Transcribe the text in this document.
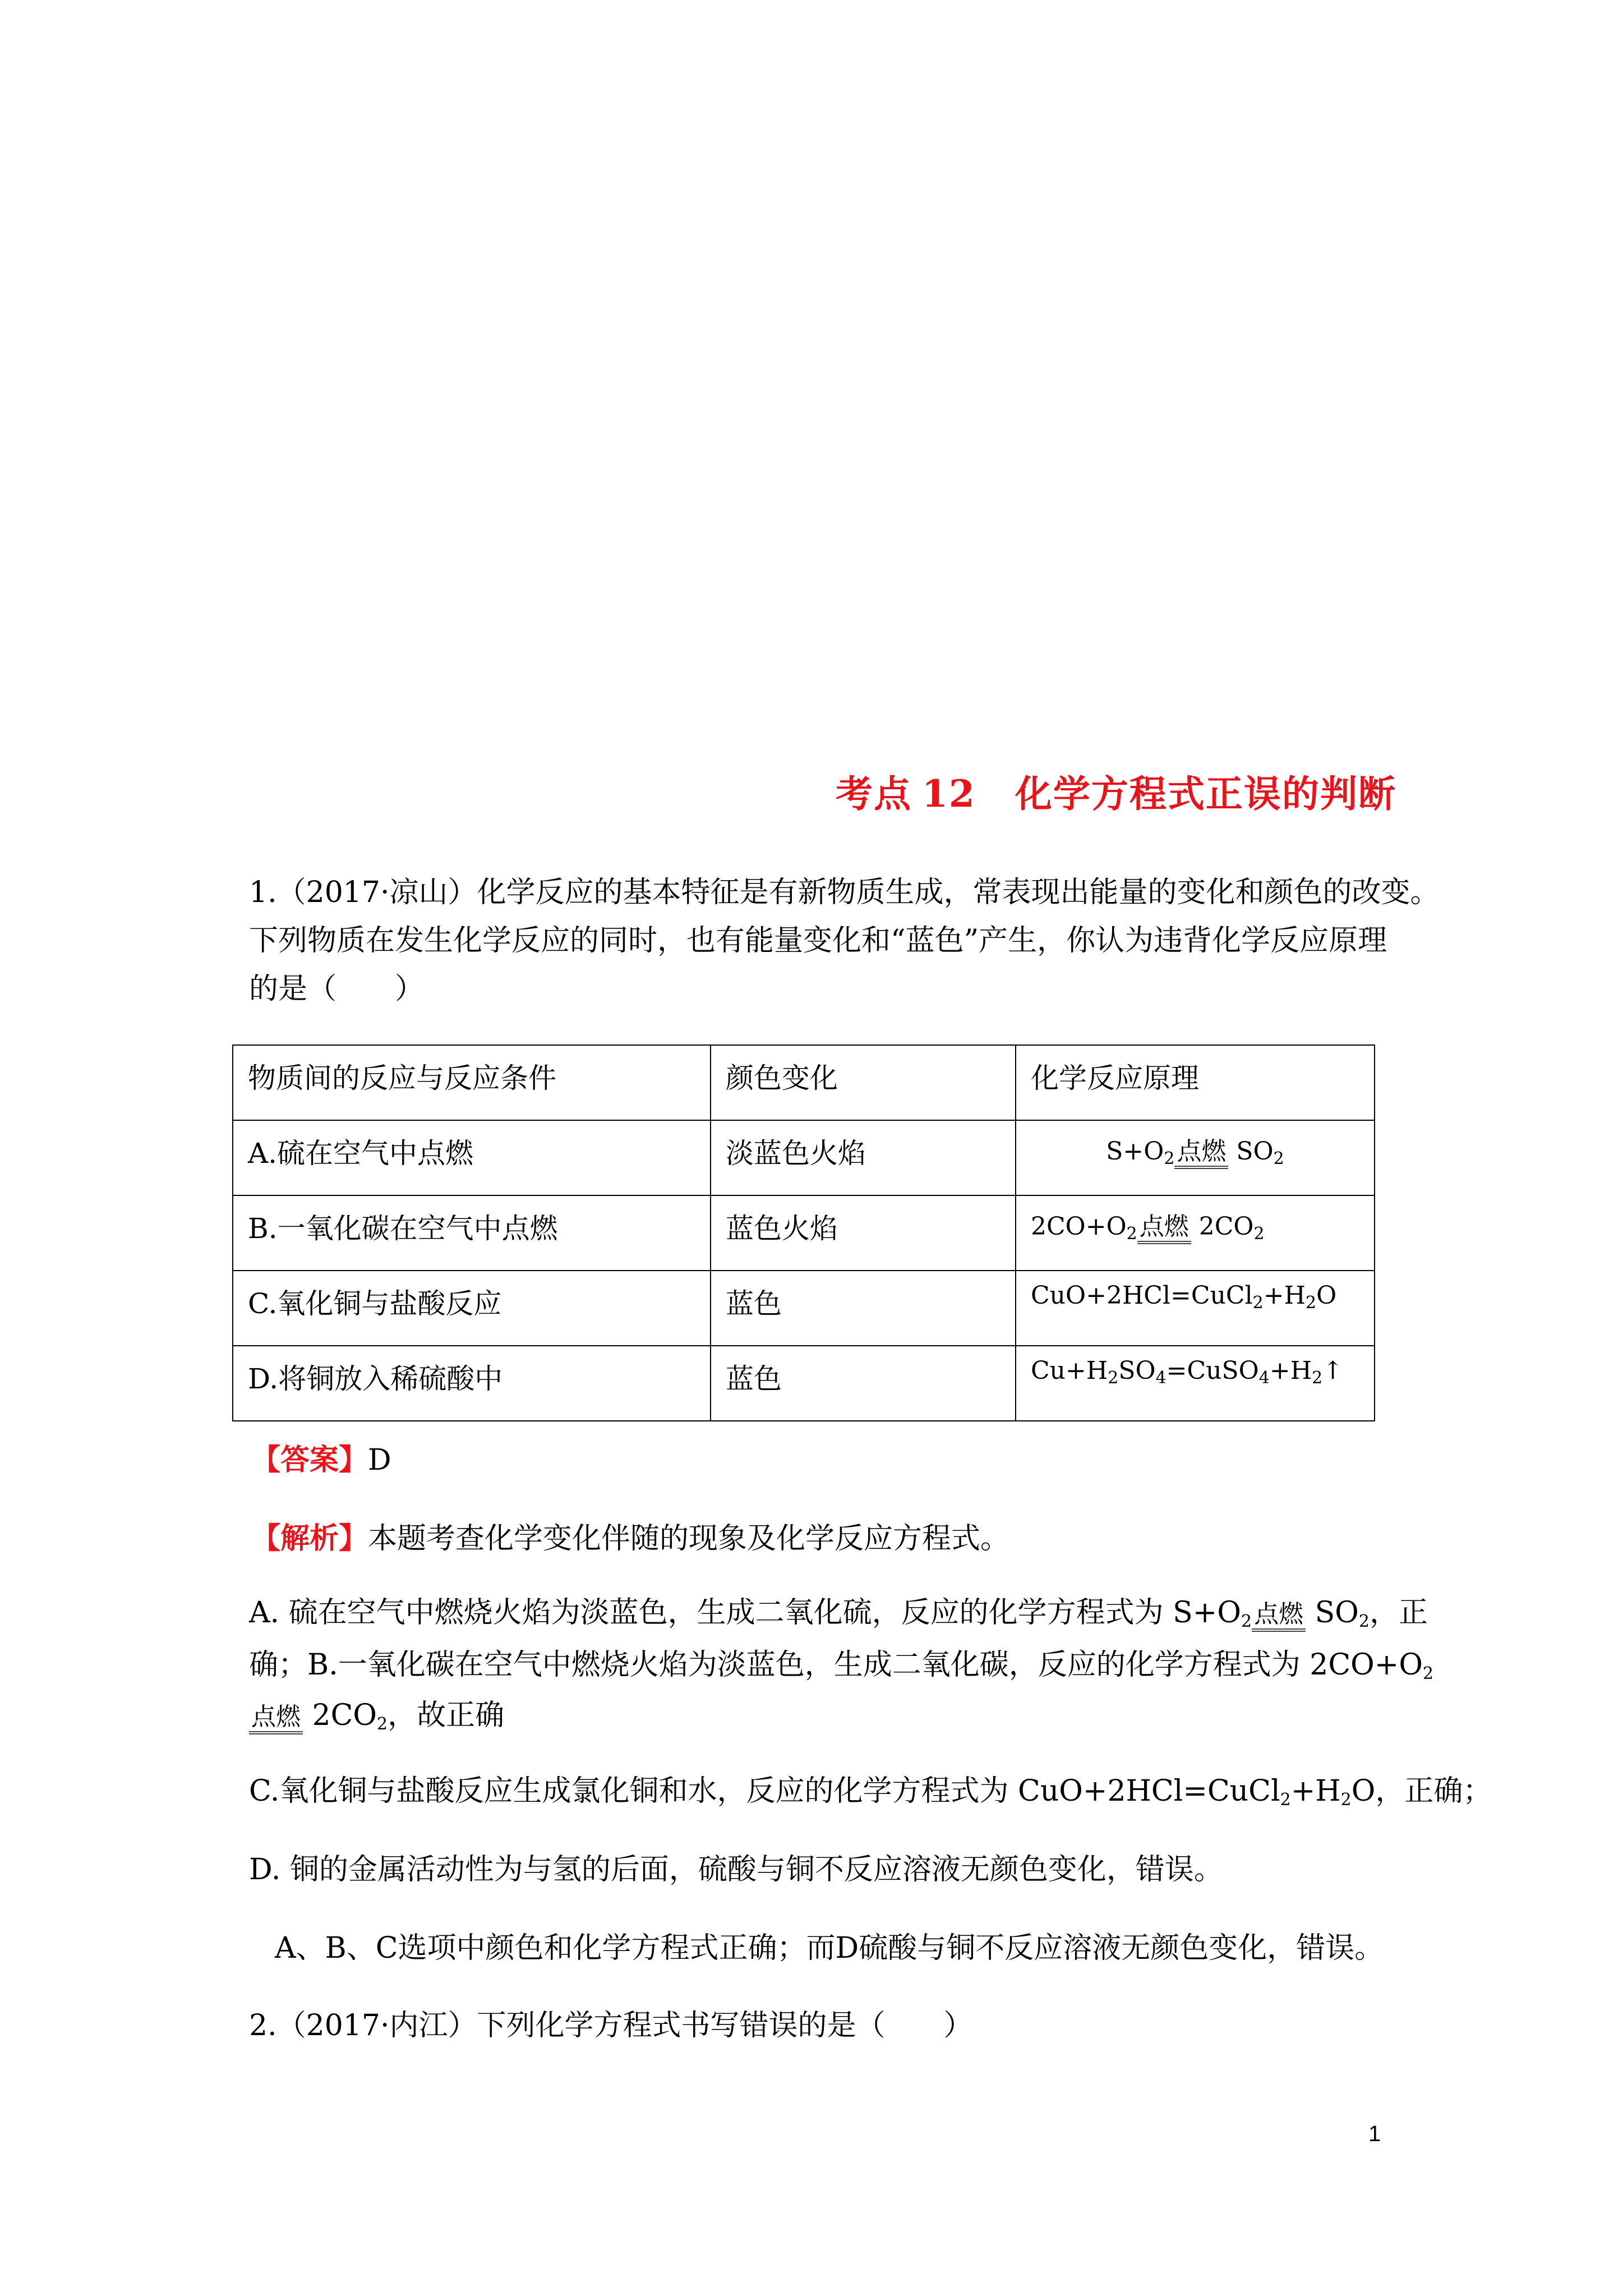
考点 12 化学方程式正误的判断
1.（2017·凉山）化学反应的基本特征是有新物质生成，常表现出能量的变化和颜色的改变。
下列物质在发生化学反应的同时，也有能量变化和“蓝色”产生，你认为违背化学反应原理
的是（　　）
物质间的反应与反应条件	颜色变化	化学反应原理
A.硫在空气中点燃	淡蓝色火焰	$S+O_2$点燃 $SO_2$
B.一氧化碳在空气中点燃	蓝色火焰	$2CO+O_2$点燃 $2CO_2$
C.氧化铜与盐酸反应	蓝色	$CuO+2HCl=CuCl_2+H_2O$
D.将铜放入稀硫酸中	蓝色	$Cu+H_2SO_4=CuSO_4+H_2↑$
【答案】D
【解析】本题考查化学变化伴随的现象及化学反应方程式。
A. 硫在空气中燃烧火焰为淡蓝色，生成二氧化硫，反应的化学方程式为 $S+O_2$点燃 $SO_2$，正
确；B.一氧化碳在空气中燃烧火焰为淡蓝色，生成二氧化碳，反应的化学方程式为 $2CO+O_2$
点燃 $2CO_2$，故正确
C.氧化铜与盐酸反应生成氯化铜和水，反应的化学方程式为 $CuO+2HCl=CuCl_2+H_2O$，正确；
D. 铜的金属活动性为与氢的后面，硫酸与铜不反应溶液无颜色变化，错误。
A、B、C选项中颜色和化学方程式正确；而D硫酸与铜不反应溶液无颜色变化，错误。
2.（2017·内江）下列化学方程式书写错误的是（　　）
1
